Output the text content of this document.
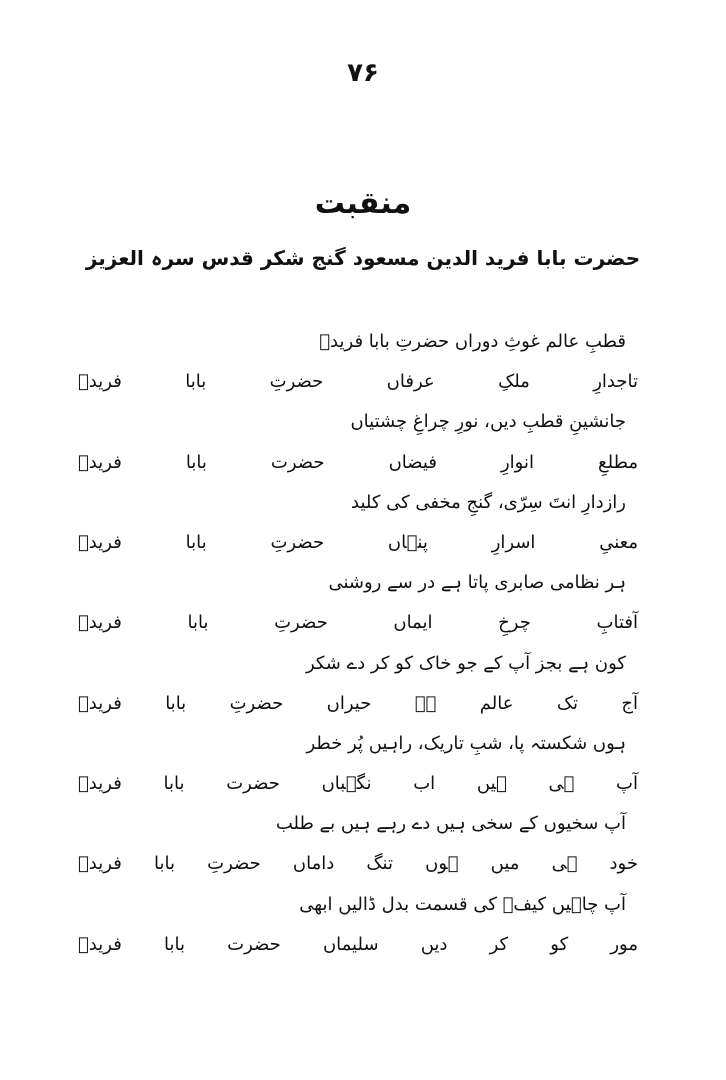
۷۶

منقبت
حضرت بابا فرید الدین مسعود گنج شکر قدس سرہ العزیز
قطبِ عالم غوثِ دوراں حضرتِ بابا فریدؒ
تاجدارِ ملکِ عرفاں حضرتِ بابا فریدؒ
جانشینِ قطبِ دیں، نورِ چراغِ چشتیاں
مطلعِ انوارِ فیضاں حضرت بابا فریدؒ
رازدارِ انتَ سِرّی، گنجِ مخفی کی کلید
معنیِ اسرارِ پنہاں حضرتِ بابا فریدؒ
ہر نظامی صابری پاتا ہے در سے روشنی
آفتابِ چرخِ ایماں حضرتِ بابا فریدؒ
کون ہے بجز آپ کے جو خاک کو کر دے شکر
آج تک عالم ہے حیراں حضرتِ بابا فریدؒ
ہوں شکستہ پا، شبِ تاریک، راہیں پُر خطر
آپ ہی ہیں اب نگہباں حضرت بابا فریدؒ
آپ سخیوں کے سخی ہیں دے رہے ہیں بے طلب
خود ہی میں ہوں تنگ داماں حضرتِ بابا فریدؒ
آپ چاہیں کیفؔ کی قسمت بدل ڈالیں ابھی
مور کو کر دیں سلیماں حضرت بابا فریدؒ
